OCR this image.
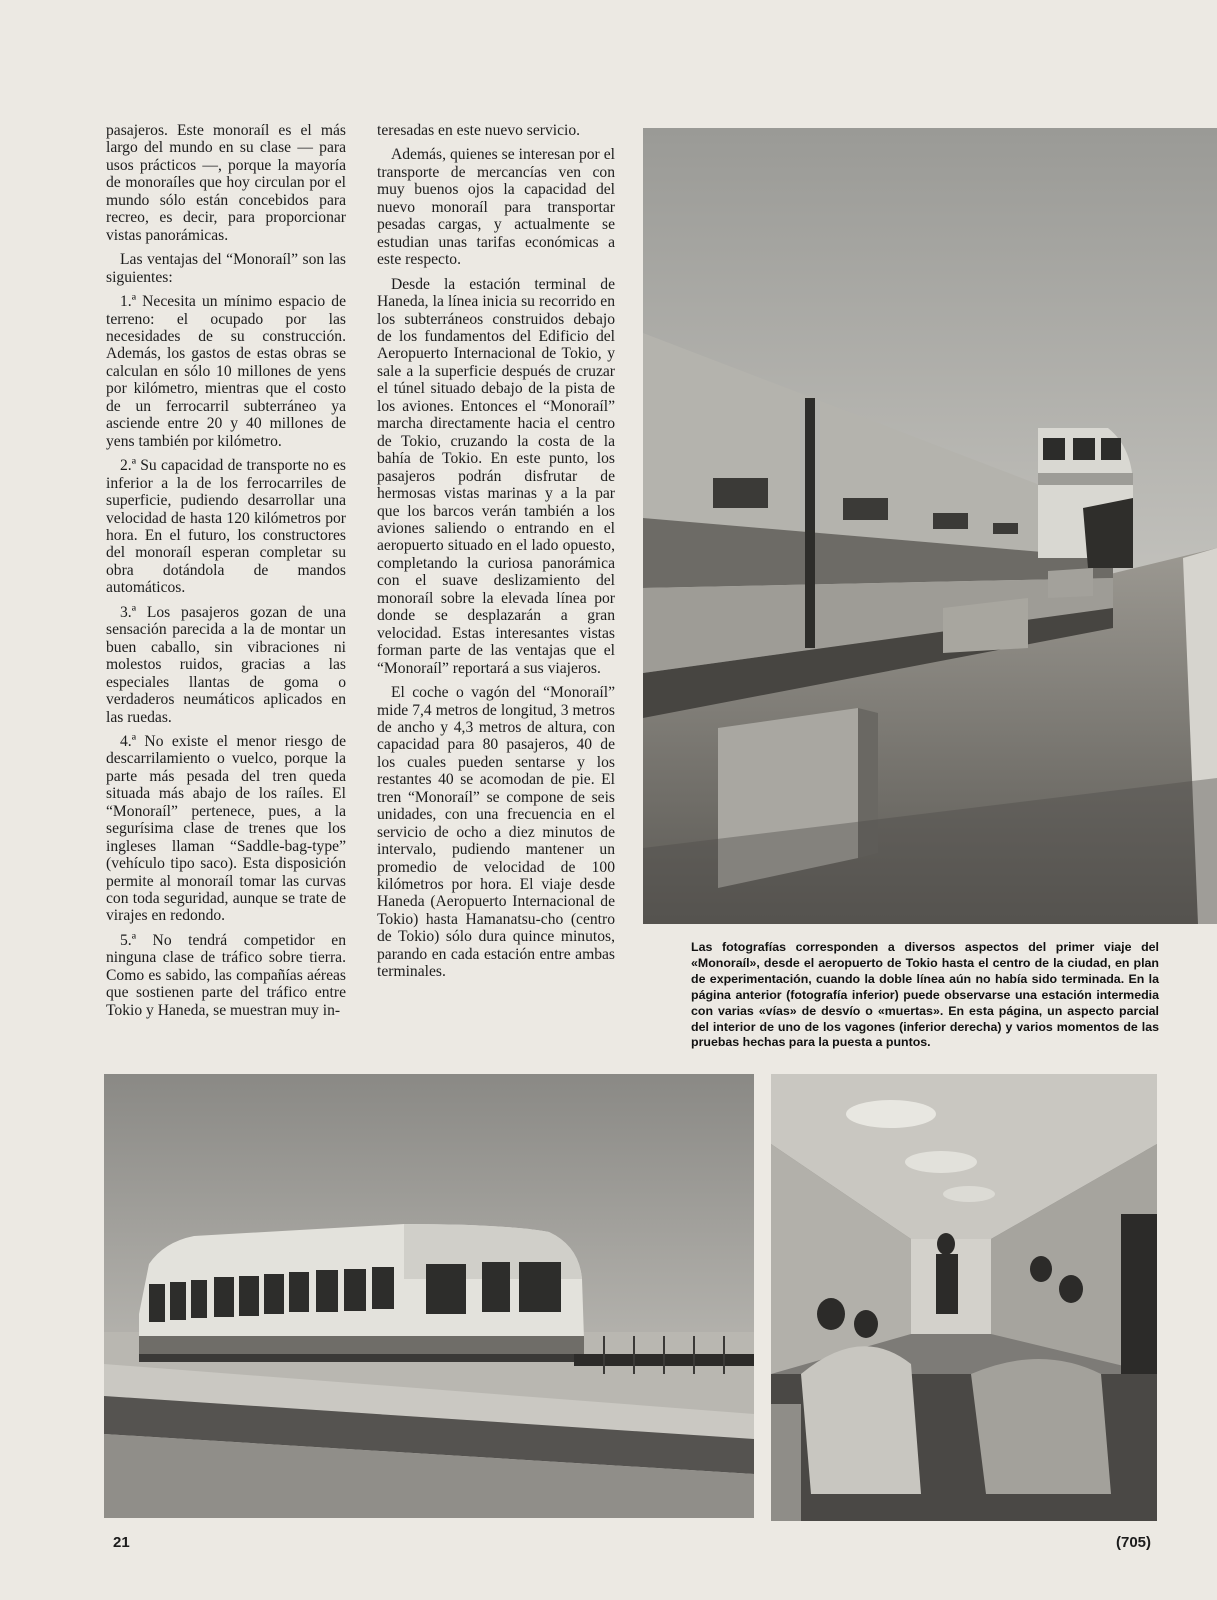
pasajeros. Este monoraíl es el más largo del mundo en su clase — para usos prácticos —, porque la mayoría de monoraíles que hoy circulan por el mundo sólo están concebidos para recreo, es decir, para proporcionar vistas panorámicas.

Las ventajas del “Monoraíl” son las siguientes:

1.ª Necesita un mínimo espacio de terreno: el ocupado por las necesidades de su construcción. Además, los gastos de estas obras se calculan en sólo 10 millones de yens por kilómetro, mientras que el costo de un ferrocarril subterráneo ya asciende entre 20 y 40 millones de yens también por kilómetro.

2.ª Su capacidad de transporte no es inferior a la de los ferrocarriles de superficie, pudiendo desarrollar una velocidad de hasta 120 kilómetros por hora. En el futuro, los constructores del monoraíl esperan completar su obra dotándola de mandos automáticos.

3.ª Los pasajeros gozan de una sensación parecida a la de montar un buen caballo, sin vibraciones ni molestos ruidos, gracias a las especiales llantas de goma o verdaderos neumáticos aplicados en las ruedas.

4.ª No existe el menor riesgo de descarrilamiento o vuelco, porque la parte más pesada del tren queda situada más abajo de los raíles. El “Monoraíl” pertenece, pues, a la segurísima clase de trenes que los ingleses llaman “Saddle-bag-type” (vehículo tipo saco). Esta disposición permite al monoraíl tomar las curvas con toda seguridad, aunque se trate de virajes en redondo.

5.ª No tendrá competidor en ninguna clase de tráfico sobre tierra. Como es sabido, las compañías aéreas que sostienen parte del tráfico entre Tokio y Haneda, se muestran muy in-

teresadas en este nuevo servicio.

Además, quienes se interesan por el transporte de mercancías ven con muy buenos ojos la capacidad del nuevo monoraíl para transportar pesadas cargas, y actualmente se estudian unas tarifas económicas a este respecto.

Desde la estación terminal de Haneda, la línea inicia su recorrido en los subterráneos construidos debajo de los fundamentos del Edificio del Aeropuerto Internacional de Tokio, y sale a la superficie después de cruzar el túnel situado debajo de la pista de los aviones. Entonces el “Monoraíl” marcha directamente hacia el centro de Tokio, cruzando la costa de la bahía de Tokio. En este punto, los pasajeros podrán disfrutar de hermosas vistas marinas y a la par que los barcos verán también a los aviones saliendo o entrando en el aeropuerto situado en el lado opuesto, completando la curiosa panorámica con el suave deslizamiento del monoraíl sobre la elevada línea por donde se desplazarán a gran velocidad. Estas interesantes vistas forman parte de las ventajas que el “Monoraíl” reportará a sus viajeros.

El coche o vagón del “Monoraíl” mide 7,4 metros de longitud, 3 metros de ancho y 4,3 metros de altura, con capacidad para 80 pasajeros, 40 de los cuales pueden sentarse y los restantes 40 se acomodan de pie. El tren “Monoraíl” se compone de seis unidades, con una frecuencia en el servicio de ocho a diez minutos de intervalo, pudiendo mantener un promedio de velocidad de 100 kilómetros por hora. El viaje desde Haneda (Aeropuerto Internacional de Tokio) hasta Hamanatsu-cho (centro de Tokio) sólo dura quince minutos, parando en cada estación entre ambas terminales.

Las fotografías corresponden a diversos aspectos del primer viaje del «Monoraíl», desde el aeropuerto de Tokio hasta el centro de la ciudad, en plan de experimentación, cuando la doble línea aún no había sido terminada. En la página anterior (fotografía inferior) puede observarse una estación intermedia con varias «vías» de desvío o «muertas». En esta página, un aspecto parcial del interior de uno de los vagones (inferior derecha) y varios momentos de las pruebas hechas para la puesta a puntos.
21	(705)
